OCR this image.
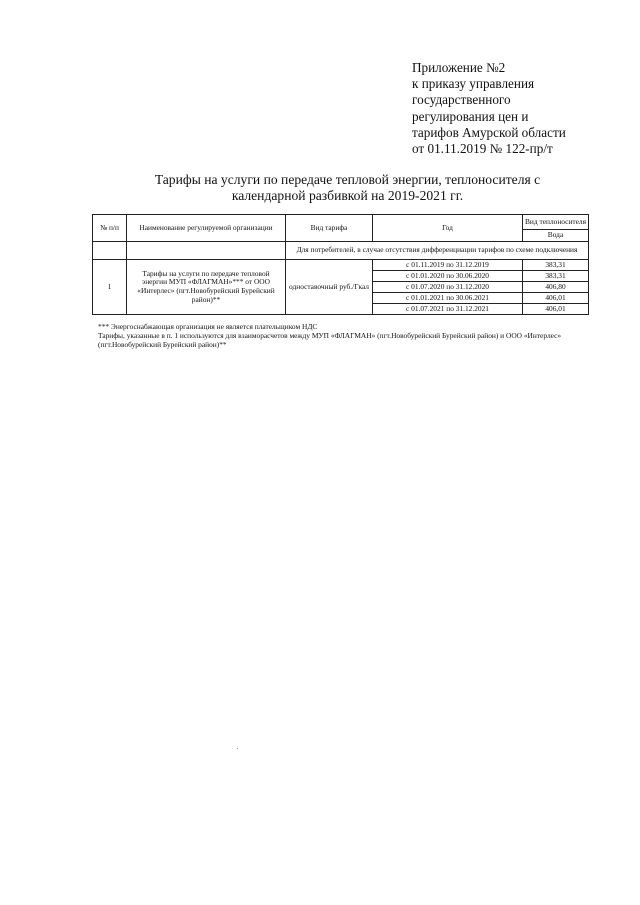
Приложение №2
к приказу управления
государственного
регулирования цен и
тарифов Амурской области
от 01.11.2019 № 122-пр/т
Тарифы на услуги по передаче тепловой энергии, теплоносителя с
календарной разбивкой на 2019-2021 гг.
№ п/п	Наименование регулируемой организации	Вид тарифа	Год	Вид теплоносителя
				Вода
		Для потребителей, в случае отсутствия дифференциации тарифов по схеме подключения		
1	Тарифы на услуги по передаче тепловой энергии МУП «ФЛАГМАН»*** от ООО «Интерлес» (пгт.Новобурейский Бурейский район)**	одноставочный руб./Гкал	с 01.11.2019 по 31.12.2019	383,31
			с 01.01.2020 по 30.06.2020	383,31
			с 01.07.2020 по 31.12.2020	406,80
			с 01.01.2021 по 30.06.2021	406,01
			с 01.07.2021 по 31.12.2021	406,01
*** Энергоснабжающая организация не является плательщиком НДС
Тарифы, указанные в п. 1 используются для взаиморасчетов между МУП «ФЛАГМАН» (пгт.Новобурейский Бурейский район) и ООО «Интерлес» (пгт.Новобурейский Бурейский район)**
